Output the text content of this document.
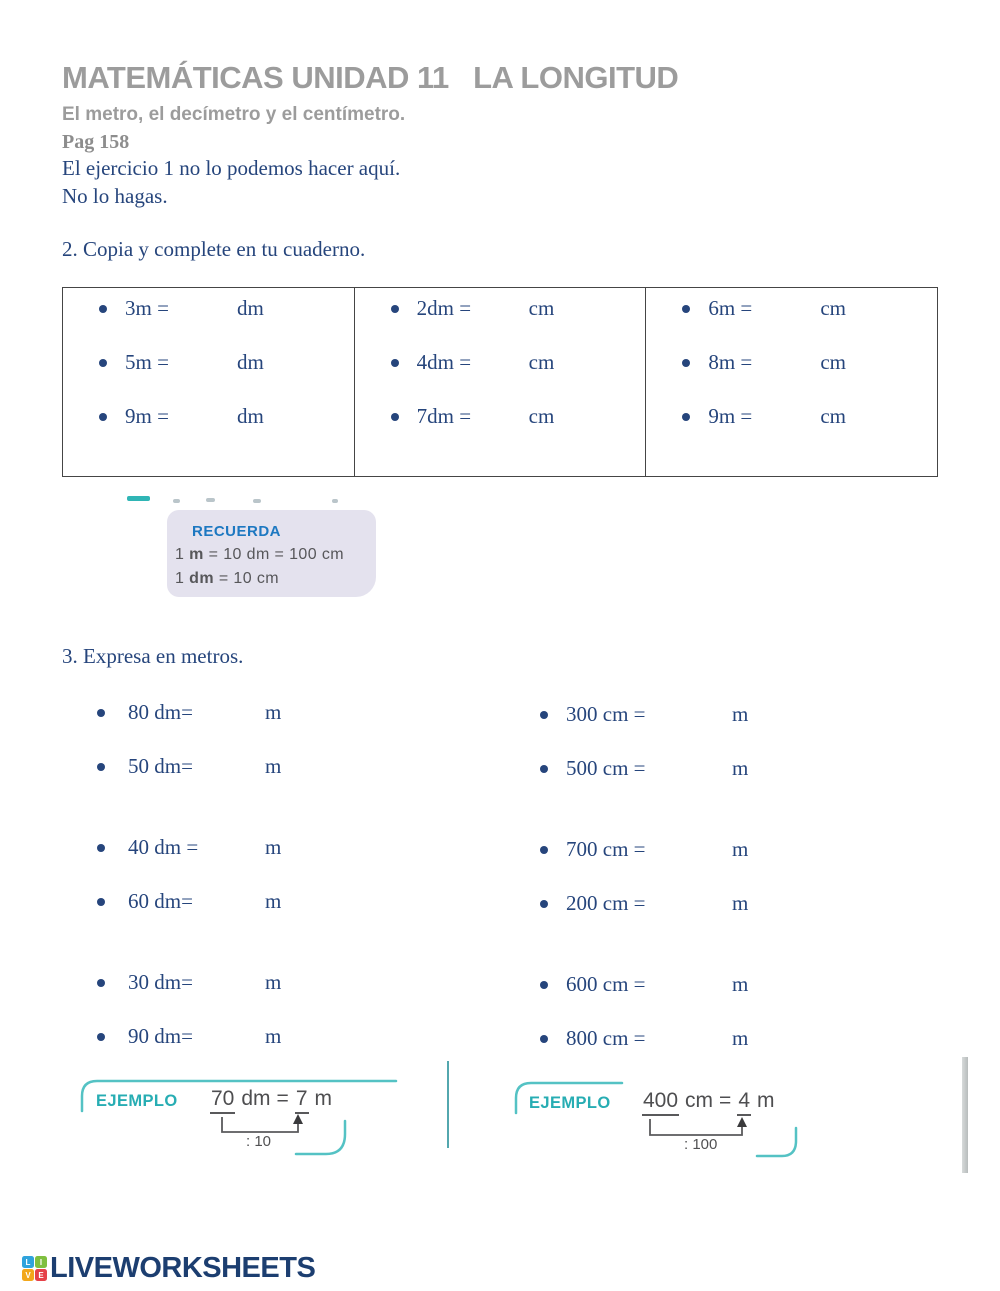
MATEMÁTICAS UNIDAD 11   LA LONGITUD
El metro, el decímetro y el centímetro.
Pag 158
El ejercicio 1 no lo podemos hacer aquí.
No lo hagas.
2. Copia y complete en tu cuaderno.
3m =	dm
5m =	dm
9m =	dm
2dm =	cm
4dm =	cm
7dm =	cm
6m =	cm
8m =	cm
9m =	cm
RECUERDA
1 m = 10 dm = 100 cm
1 dm = 10 cm
3. Expresa en metros.
80 dm=	m
50 dm=	m
40 dm =	m
60 dm=	m
30 dm=	m
90 dm=	m
300 cm =	m
500 cm =	m
700 cm =	m
200 cm =	m
600 cm =	m
800 cm =	m
EJEMPLO 70 dm = 7 m
: 10
EJEMPLO 400 cm = 4 m
: 100
L	I
V E LIVEWORKSHEETS
